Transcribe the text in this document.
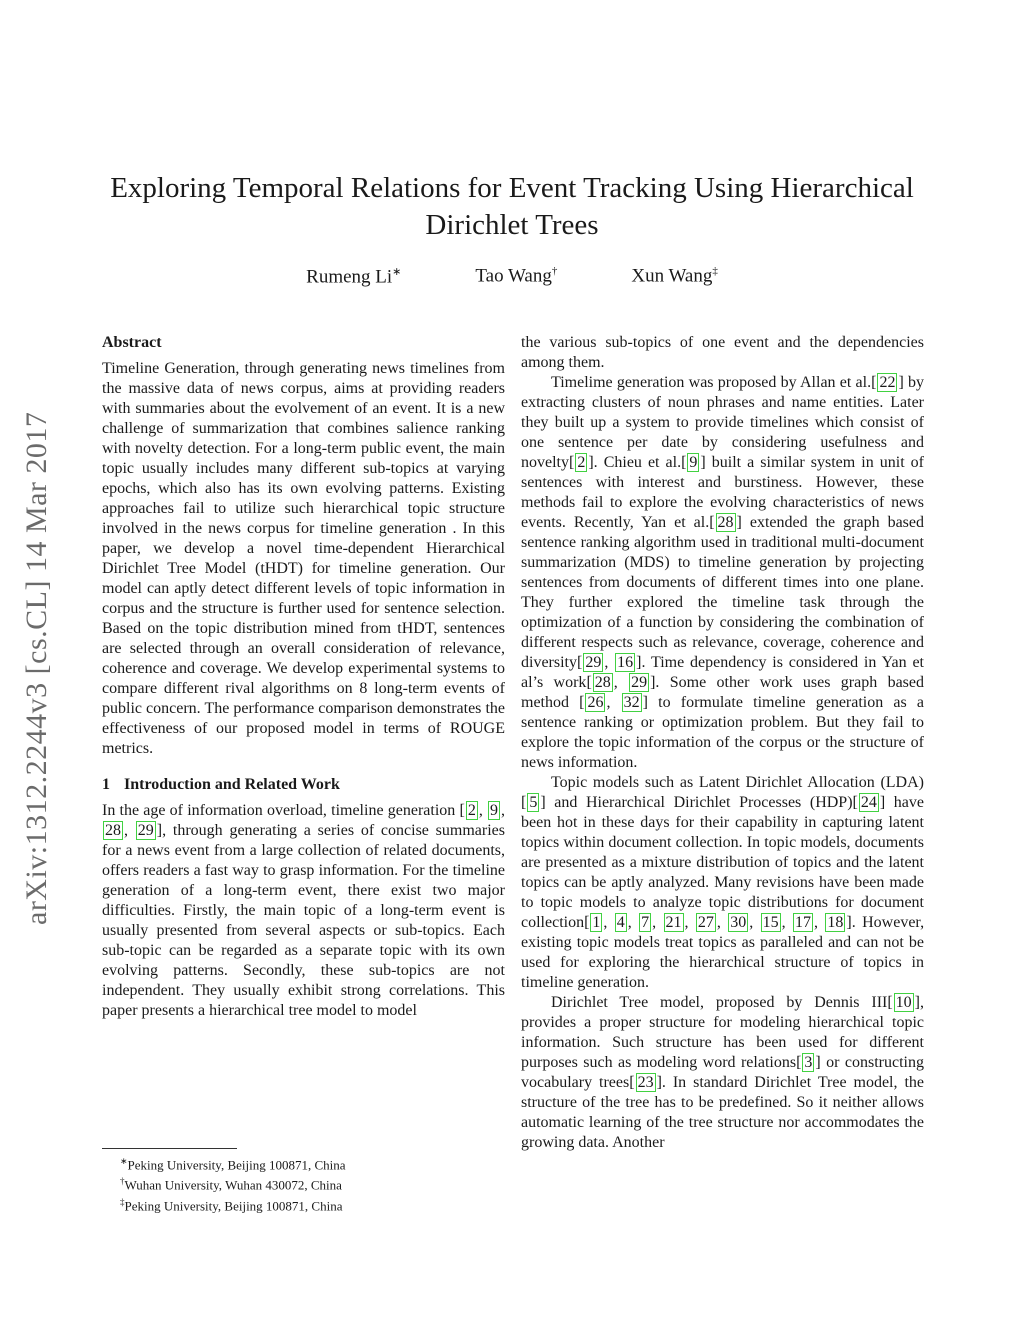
arXiv:1312.2244v3 [cs.CL] 14 Mar 2017
Exploring Temporal Relations for Event Tracking Using Hierarchical
Dirichlet Trees
Rumeng Li∗	Tao Wang†	Xun Wang‡
Abstract

Timeline Generation, through generating news timelines from the massive data of news corpus, aims at providing readers with summaries about the evolvement of an event. It is a new challenge of summarization that combines salience ranking with novelty detection. For a long-term public event, the main topic usually includes many different sub-topics at varying epochs, which also has its own evolving patterns. Existing approaches fail to utilize such hierarchical topic structure involved in the news corpus for timeline generation . In this paper, we develop a novel time-dependent Hierarchical Dirichlet Tree Model (tHDT) for timeline generation. Our model can aptly detect different levels of topic information in corpus and the structure is further used for sentence selection. Based on the topic distribution mined from tHDT, sentences are selected through an overall consideration of relevance, coherence and coverage. We develop experimental systems to compare different rival algorithms on 8 long-term events of public concern. The performance comparison demonstrates the effectiveness of our proposed model in terms of ROUGE metrics.

1 Introduction and Related Work

In the age of information overload, timeline generation [ 2 , 9 , 28 , 29 ], through generating a series of concise summaries for a news event from a large collection of related documents, offers readers a fast way to grasp information. For the timeline generation of a long-term event, there exist two major difficulties. Firstly, the main topic of a long-term event is usually presented from several aspects or sub-topics. Each sub-topic can be regarded as a separate topic with its own evolving patterns. Secondly, these sub-topics are not independent. They usually exhibit strong correlations. This paper presents a hierarchical tree model to model

the various sub-topics of one event and the dependencies among them.

Timelime generation was proposed by Allan et al.[ 22 ] by extracting clusters of noun phrases and name entities. Later they built up a system to provide timelines which consist of one sentence per date by considering usefulness and novelty[ 2 ]. Chieu et al.[ 9 ] built a similar system in unit of sentences with interest and burstiness. However, these methods fail to explore the evolving characteristics of news events. Recently, Yan et al.[ 28 ] extended the graph based sentence ranking algorithm used in traditional multi-document summarization (MDS) to timeline generation by projecting sentences from documents of different times into one plane. They further explored the timeline task through the optimization of a function by considering the combination of different respects such as relevance, coverage, coherence and diversity[ 29 , 16 ]. Time dependency is considered in Yan et al’s work[ 28 , 29 ]. Some other work uses graph based method [ 26 , 32 ] to formulate timeline generation as a sentence ranking or optimization problem. But they fail to explore the topic information of the corpus or the structure of news information.

Topic models such as Latent Dirichlet Allocation (LDA)[ 5 ] and Hierarchical Dirichlet Processes (HDP)[ 24 ] have been hot in these days for their capability in capturing latent topics within document collection. In topic models, documents are presented as a mixture distribution of topics and the latent topics can be aptly analyzed. Many revisions have been made to topic models to analyze topic distributions for document collection[ 1 , 4 , 7 , 21 , 27 , 30 , 15 , 17 , 18 ]. However, existing topic models treat topics as paralleled and can not be used for exploring the hierarchical structure of topics in timeline generation.

Dirichlet Tree model, proposed by Dennis III[ 10 ], provides a proper structure for modeling hierarchical topic information. Such structure has been used for different purposes such as modeling word relations[ 3 ] or constructing vocabulary trees[ 23 ]. In standard Dirichlet Tree model, the structure of the tree has to be predefined. So it neither allows automatic learning of the tree structure nor accommodates the growing data. Another

∗Peking University, Beijing 100871, China
†Wuhan University, Wuhan 430072, China
‡Peking University, Beijing 100871, China
